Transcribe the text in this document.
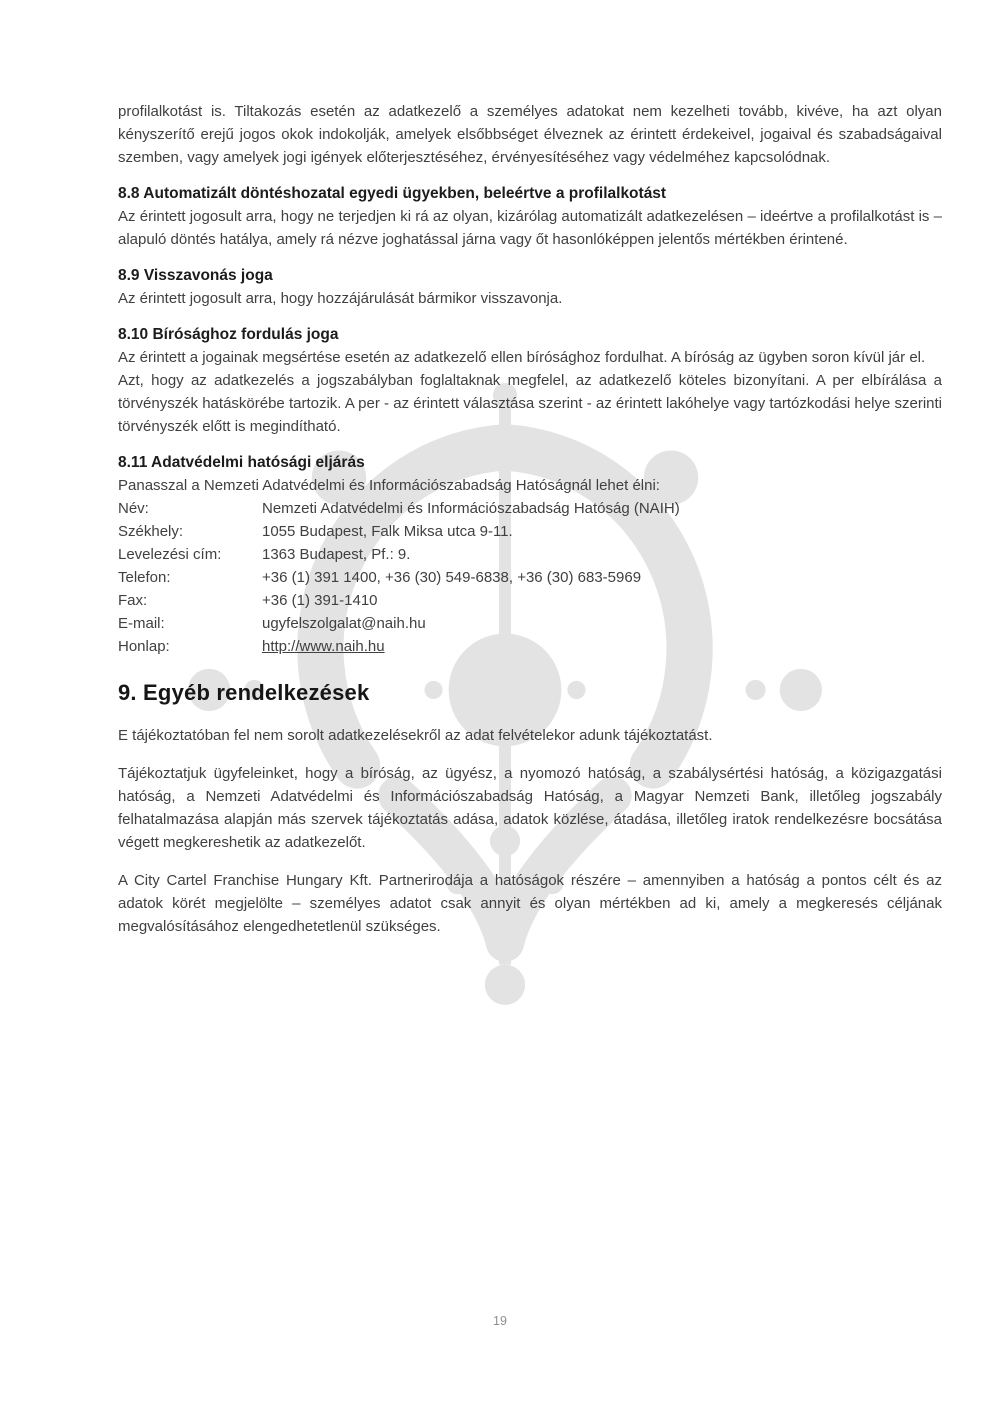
profilalkotást is. Tiltakozás esetén az adatkezelő a személyes adatokat nem kezelheti tovább, kivéve, ha azt olyan kényszerítő erejű jogos okok indokolják, amelyek elsőbbséget élveznek az érintett érdekeivel, jogaival és szabadságaival szemben, vagy amelyek jogi igények előterjesztéséhez, érvényesítéséhez vagy védelméhez kapcsolódnak.

8.8 Automatizált döntéshozatal egyedi ügyekben, beleértve a profilalkotást

Az érintett jogosult arra, hogy ne terjedjen ki rá az olyan, kizárólag automatizált adatkezelésen – ideértve a profilalkotást is – alapuló döntés hatálya, amely rá nézve joghatással járna vagy őt hasonlóképpen jelentős mértékben érintené.

8.9 Visszavonás joga

Az érintett jogosult arra, hogy hozzájárulását bármikor visszavonja.

8.10 Bírósághoz fordulás joga

Az érintett a jogainak megsértése esetén az adatkezelő ellen bírósághoz fordulhat. A bíróság az ügyben soron kívül jár el.

Azt, hogy az adatkezelés a jogszabályban foglaltaknak megfelel, az adatkezelő köteles bizonyítani. A per elbírálása a törvényszék hatáskörébe tartozik. A per - az érintett választása szerint - az érintett lakóhelye vagy tartózkodási helye szerinti törvényszék előtt is megindítható.

8.11 Adatvédelmi hatósági eljárás

Panasszal a Nemzeti Adatvédelmi és Információszabadság Hatóságnál lehet élni:

Név:	Nemzeti Adatvédelmi és Információszabadság Hatóság (NAIH)
Székhely:	1055 Budapest, Falk Miksa utca 9-11.
Levelezési cím:	1363 Budapest, Pf.: 9.
Telefon:	+36 (1) 391 1400, +36 (30) 549-6838, +36 (30) 683-5969
Fax:	+36 (1) 391-1410
E-mail:	ugyfelszolgalat@naih.hu
Honlap:	http://www.naih.hu
9. Egyéb rendelkezések

E tájékoztatóban fel nem sorolt adatkezelésekről az adat felvételekor adunk tájékoztatást.

Tájékoztatjuk ügyfeleinket, hogy a bíróság, az ügyész, a nyomozó hatóság, a szabálysértési hatóság, a közigazgatási hatóság, a Nemzeti Adatvédelmi és Információszabadság Hatóság, a Magyar Nemzeti Bank, illetőleg jogszabály felhatalmazása alapján más szervek tájékoztatás adása, adatok közlése, átadása, illetőleg iratok rendelkezésre bocsátása végett megkereshetik az adatkezelőt.

A City Cartel Franchise Hungary Kft. Partnerirodája a hatóságok részére – amennyiben a hatóság a pontos célt és az adatok körét megjelölte – személyes adatot csak annyit és olyan mértékben ad ki, amely a megkeresés céljának megvalósításához elengedhetetlenül szükséges.

19
